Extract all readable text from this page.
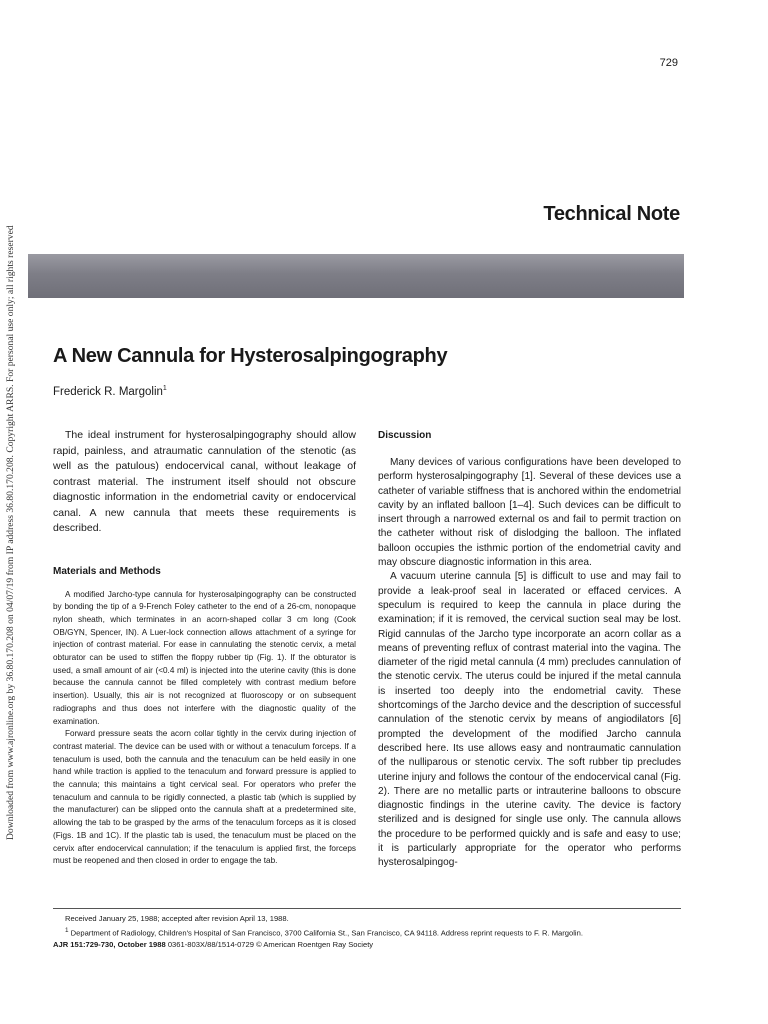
Downloaded from www.ajronline.org by 36.80.170.208 on 04/07/19 from IP address 36.80.170.208. Copyright ARRS. For personal use only; all rights reserved
729
Technical Note
A New Cannula for Hysterosalpingography
Frederick R. Margolin$^1$

The ideal instrument for hysterosalpingography should allow rapid, painless, and atraumatic cannulation of the stenotic (as well as the patulous) endocervical canal, without leakage of contrast material. The instrument itself should not obscure diagnostic information in the endometrial cavity or endocervical canal. A new cannula that meets these requirements is described.

Materials and Methods

A modified Jarcho-type cannula for hysterosalpingography can be constructed by bonding the tip of a 9-French Foley catheter to the end of a 26-cm, nonopaque nylon sheath, which terminates in an acorn-shaped collar 3 cm long (Cook OB/GYN, Spencer, IN). A Luer-lock connection allows attachment of a syringe for injection of contrast material. For ease in cannulating the stenotic cervix, a metal obturator can be used to stiffen the floppy rubber tip (Fig. 1). If the obturator is used, a small amount of air (<0.4 ml) is injected into the uterine cavity (this is done because the cannula cannot be filled completely with contrast medium before insertion). Usually, this air is not recognized at fluoroscopy or on subsequent radiographs and thus does not interfere with the diagnostic quality of the examination.

Forward pressure seats the acorn collar tightly in the cervix during injection of contrast material. The device can be used with or without a tenaculum forceps. If a tenaculum is used, both the cannula and the tenaculum can be held easily in one hand while traction is applied to the tenaculum and forward pressure is applied to the cannula; this maintains a tight cervical seal. For operators who prefer the tenaculum and cannula to be rigidly connected, a plastic tab (which is supplied by the manufacturer) can be slipped onto the cannula shaft at a predetermined site, allowing the tab to be grasped by the arms of the tenaculum forceps as it is closed (Figs. 1B and 1C). If the plastic tab is used, the tenaculum must be placed on the cervix after endocervical cannulation; if the tenaculum is applied first, the forceps must be reopened and then closed in order to engage the tab.

Discussion

Many devices of various configurations have been developed to perform hysterosalpingography [1]. Several of these devices use a catheter of variable stiffness that is anchored within the endometrial cavity by an inflated balloon [1–4]. Such devices can be difficult to insert through a narrowed external os and fail to permit traction on the catheter without risk of dislodging the balloon. The inflated balloon occupies the isthmic portion of the endometrial cavity and may obscure diagnostic information in this area.

A vacuum uterine cannula [5] is difficult to use and may fail to provide a leak-proof seal in lacerated or effaced cervices. A speculum is required to keep the cannula in place during the examination; if it is removed, the cervical suction seal may be lost. Rigid cannulas of the Jarcho type incorporate an acorn collar as a means of preventing reflux of contrast material into the vagina. The diameter of the rigid metal cannula (4 mm) precludes cannulation of the stenotic cervix. The uterus could be injured if the metal cannula is inserted too deeply into the endometrial cavity. These shortcomings of the Jarcho device and the description of successful cannulation of the stenotic cervix by means of angiodilators [6] prompted the development of the modified Jarcho cannula described here. Its use allows easy and nontraumatic cannulation of the nulliparous or stenotic cervix. The soft rubber tip precludes uterine injury and follows the contour of the endocervical canal (Fig. 2). There are no metallic parts or intrauterine balloons to obscure diagnostic findings in the uterine cavity. The device is factory sterilized and is designed for single use only. The cannula allows the procedure to be performed quickly and is safe and easy to use; it is particularly appropriate for the operator who performs hysterosalpingog-

Received January 25, 1988; accepted after revision April 13, 1988.
$^1$ Department of Radiology, Children's Hospital of San Francisco, 3700 California St., San Francisco, CA 94118. Address reprint requests to F. R. Margolin.
AJR 151:729-730, October 1988 0361-803X/88/1514-0729 © American Roentgen Ray Society
